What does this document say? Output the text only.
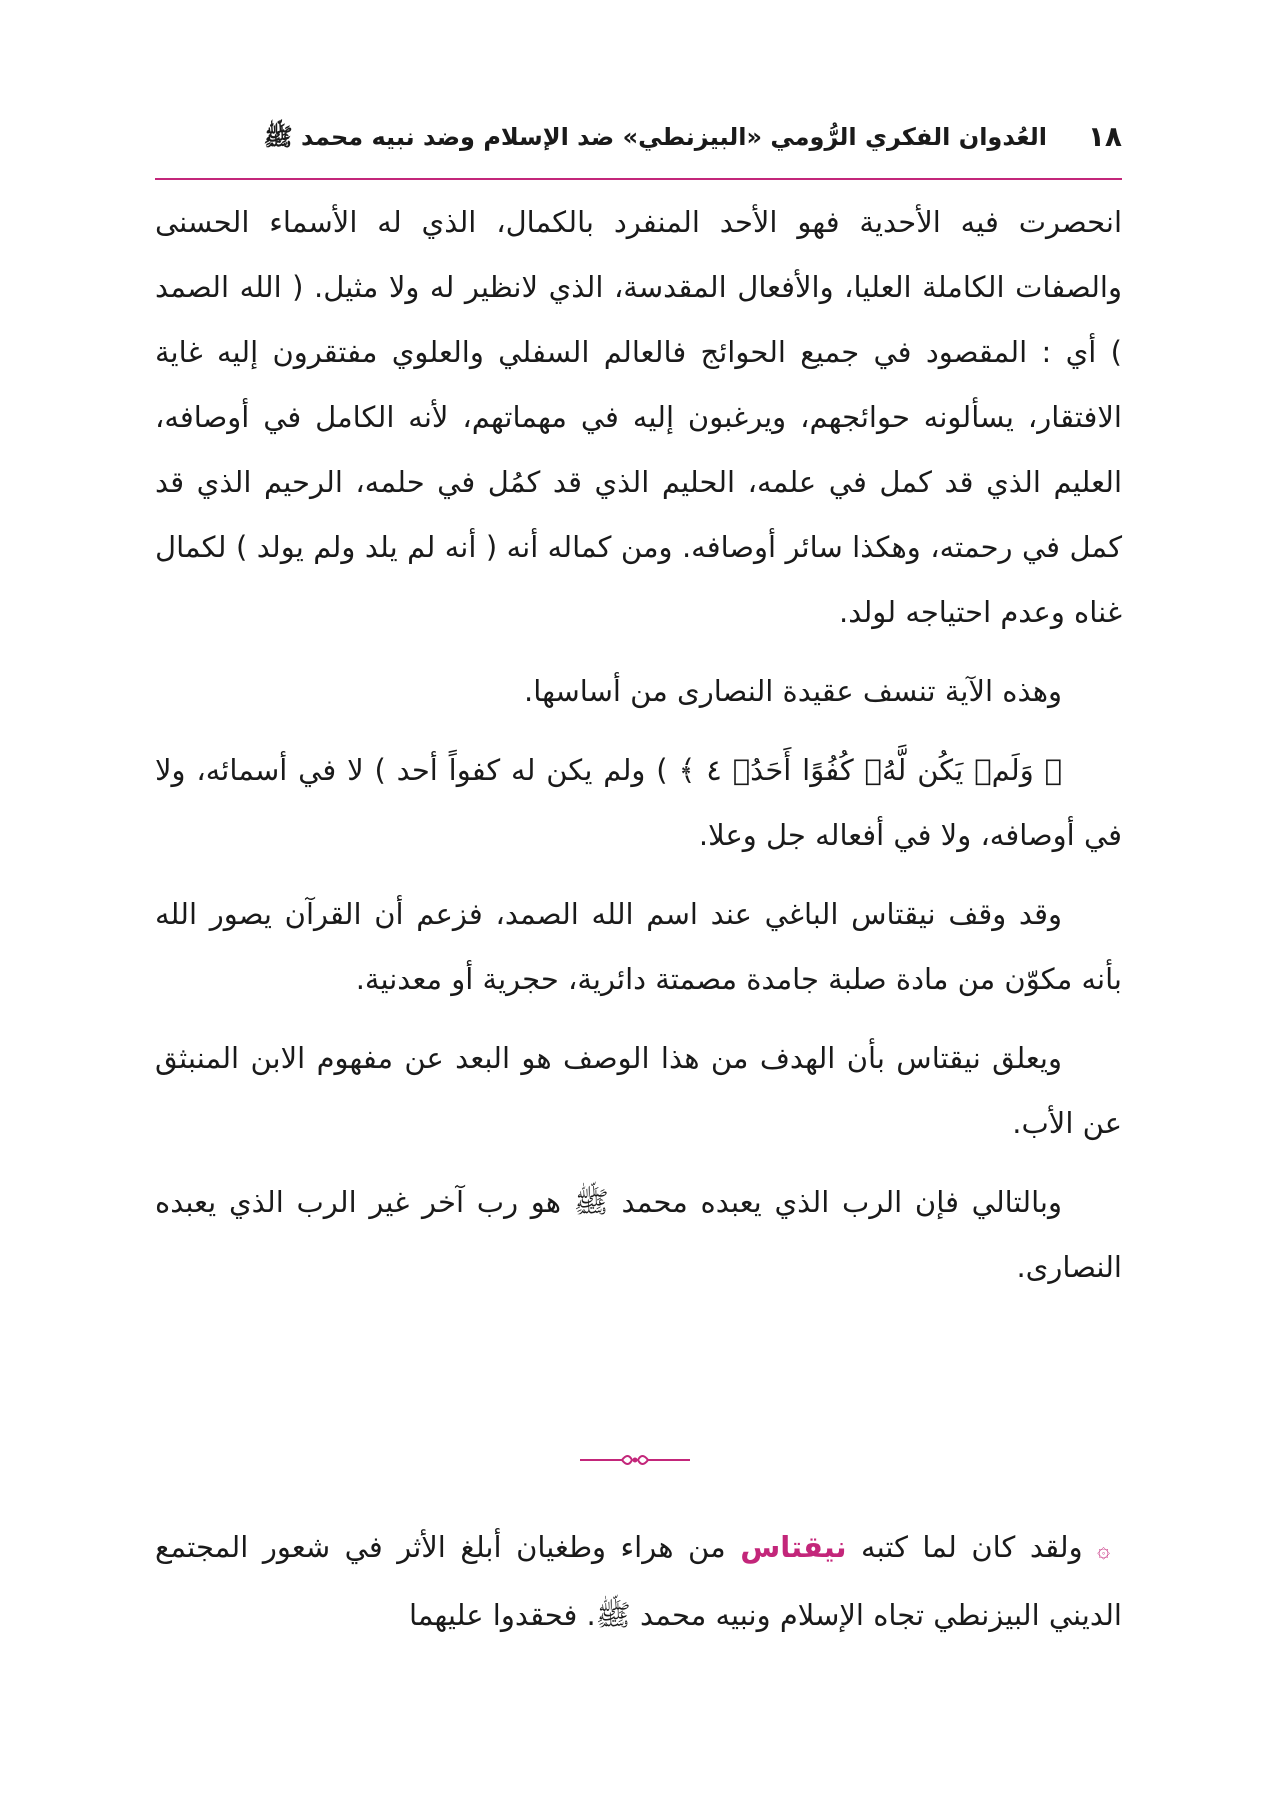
١٨
العُدوان الفكري الرُّومي «البيزنطي» ضد الإسلام وضد نبيه محمد ﷺ

انحصرت فيه الأحدية فهو الأحد المنفرد بالكمال، الذي له الأسماء الحسنى والصفات الكاملة العليا، والأفعال المقدسة، الذي لانظير له ولا مثيل. ( الله الصمد ) أي : المقصود في جميع الحوائج فالعالم السفلي والعلوي مفتقرون إليه غاية الافتقار، يسألونه حوائجهم، ويرغبون إليه في مهماتهم، لأنه الكامل في أوصافه، العليم الذي قد كمل في علمه، الحليم الذي قد كمُل في حلمه، الرحيم الذي قد كمل في رحمته، وهكذا سائر أوصافه. ومن كماله أنه ( أنه لم يلد ولم يولد ) لكمال غناه وعدم احتياجه لولد.

وهذه الآية تنسف عقيدة النصارى من أساسها.

﴿ وَلَمۡ يَكُن لَّهُۥ كُفُوًا أَحَدُۢ ٤ ﴾ ) ولم يكن له كفواً أحد ) لا في أسمائه، ولا في أوصافه، ولا في أفعاله جل وعلا.

وقد وقف نيقتاس الباغي عند اسم الله الصمد، فزعم أن القرآن يصور الله بأنه مكوّن من مادة صلبة جامدة مصمتة دائرية، حجرية أو معدنية.

ويعلق نيقتاس بأن الهدف من هذا الوصف هو البعد عن مفهوم الابن المنبثق عن الأب.

وبالتالي فإن الرب الذي يعبده محمد ﷺ هو رب آخر غير الرب الذي يعبده النصارى.

۞ ولقد كان لما كتبه نيقتاس من هراء وطغيان أبلغ الأثر في شعور المجتمع الديني البيزنطي تجاه الإسلام ونبيه محمد ﷺ. فحقدوا عليهما
